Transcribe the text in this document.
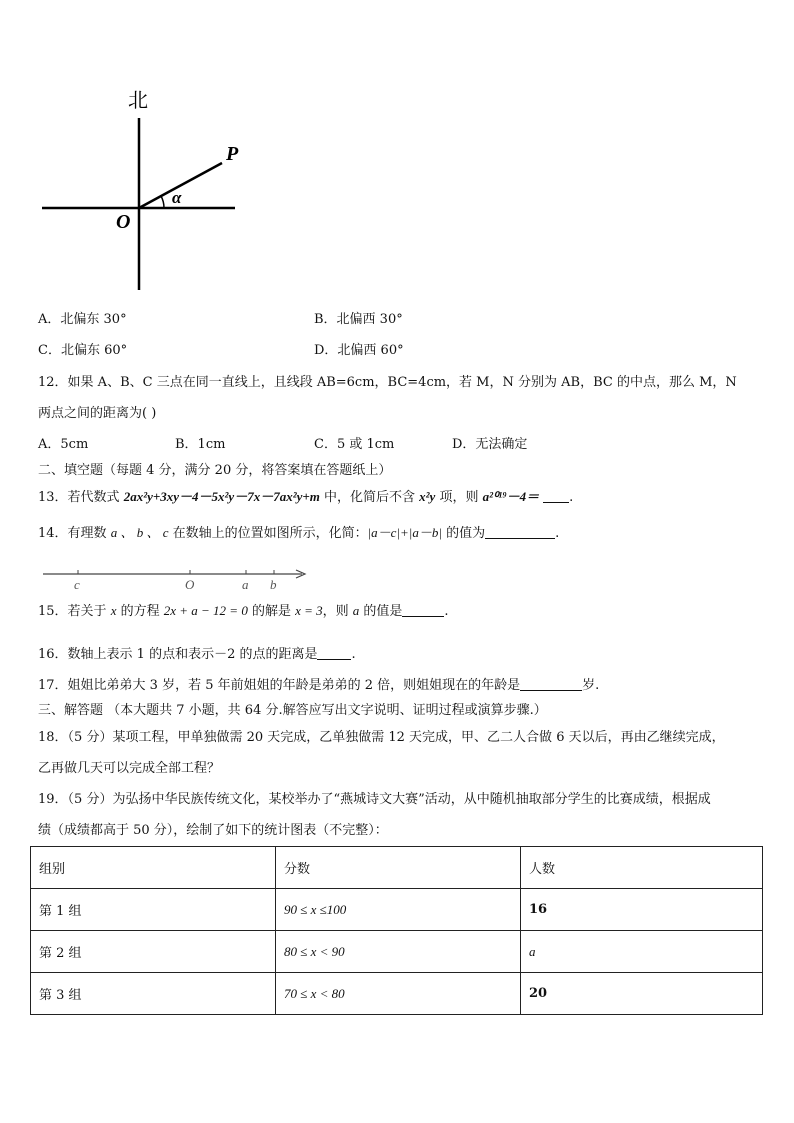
北
P
O
α
A．北偏东 30°	B．北偏西 30°
C．北偏东 60°	D．北偏西 60°
12．如果 A、B、C 三点在同一直线上，且线段 AB=6cm，BC=4cm，若 M，N 分别为 AB，BC 的中点，那么 M，N
两点之间的距离为( )
A．5cm	B．1cm	C．5 或 1cm	D．无法确定
二、填空题（每题 4 分，满分 20 分，将答案填在答题纸上）
13．若代数式 2ax²y+3xy－4－5x²y－7x－7ax²y+m 中，化简后不含 x²y 项，则 a²⁰¹⁹－4＝ .
14．有理数 a 、 b 、 c 在数轴上的位置如图所示，化简：|a－c|+|a－b| 的值为	.
c	O	a b
15．若关于 x 的方程 2x + a − 12 = 0 的解是 x = 3，则 a 的值是	.
16．数轴上表示 1 的点和表示－2 的点的距离是	.
17．姐姐比弟弟大 3 岁，若 5 年前姐姐的年龄是弟弟的 2 倍，则姐姐现在的年龄是	岁.
三、解答题 （本大题共 7 小题，共 64 分.解答应写出文字说明、证明过程或演算步骤.）
18．（5 分）某项工程，甲单独做需 20 天完成，乙单独做需 12 天完成，甲、乙二人合做 6 天以后，再由乙继续完成，
乙再做几天可以完成全部工程？
19．（5 分）为弘扬中华民族传统文化，某校举办了“燕城诗文大赛”活动，从中随机抽取部分学生的比赛成绩，根据成
绩（成绩都高于 50 分），绘制了如下的统计图表（不完整）：
组别	分数	人数
第 1 组	90 ≤ x ≤100	16
第 2 组	80 ≤ x < 90	a
第 3 组	70 ≤ x < 80	20
